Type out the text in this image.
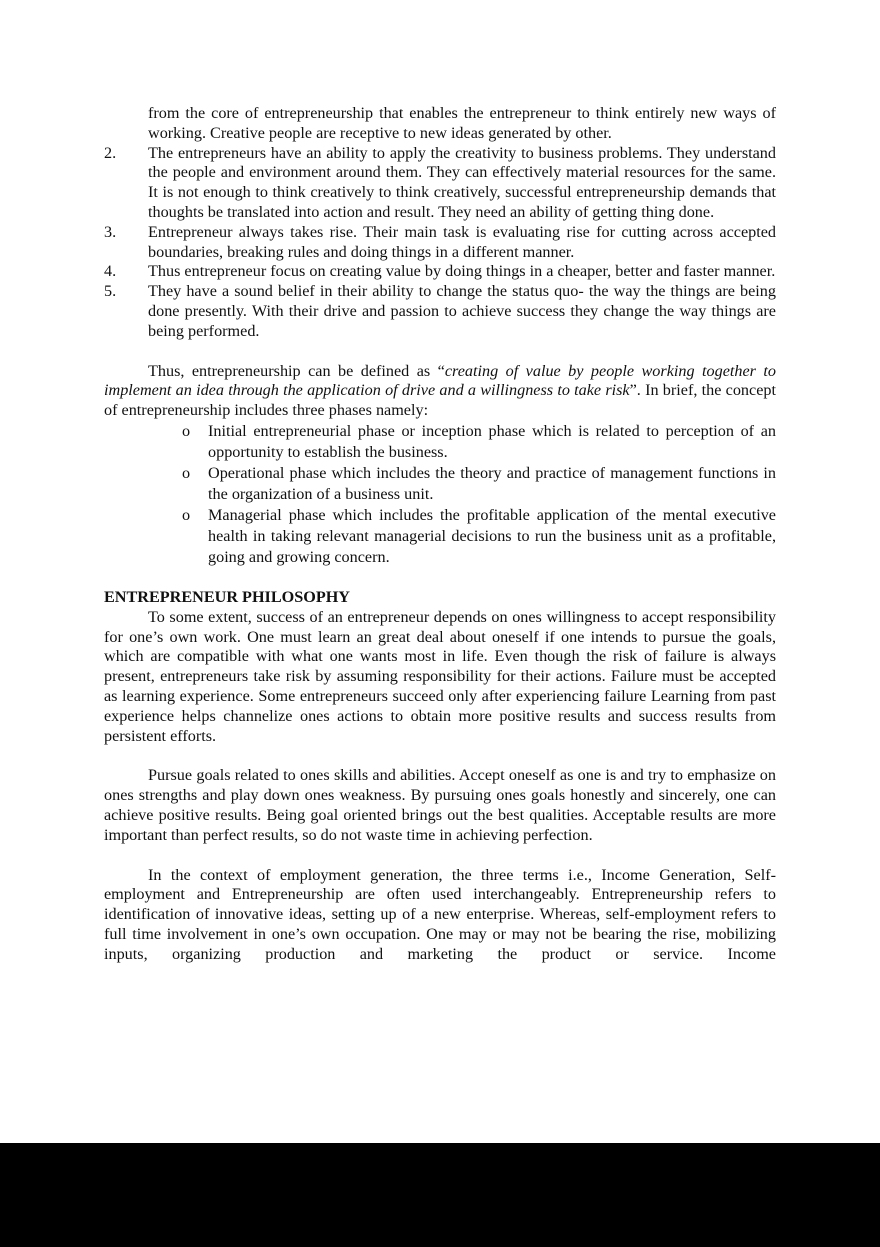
from the core of entrepreneurship that enables the entrepreneur to think entirely new ways of working. Creative people are receptive to new ideas generated by other.
2.	The entrepreneurs have an ability to apply the creativity to business problems. They understand the people and environment around them. They can effectively material resources for the same. It is not enough to think creatively to think creatively, successful entrepreneurship demands that thoughts be translated into action and result. They need an ability of getting thing done.
3.	Entrepreneur always takes rise. Their main task is evaluating rise for cutting across accepted boundaries, breaking rules and doing things in a different manner.
4.	Thus entrepreneur focus on creating value by doing things in a cheaper, better and faster manner.
5.	They have a sound belief in their ability to change the status quo- the way the things are being done presently. With their drive and passion to achieve success they change the way things are being performed.
Thus, entrepreneurship can be defined as “creating of value by people working together to implement an idea through the application of drive and a willingness to take risk”. In brief, the concept of entrepreneurship includes three phases namely:
o Initial entrepreneurial phase or inception phase which is related to perception of an opportunity to establish the business.
o Operational phase which includes the theory and practice of management functions in the organization of a business unit.
o Managerial phase which includes the profitable application of the mental executive health in taking relevant managerial decisions to run the business unit as a profitable, going and growing concern.
ENTREPRENEUR PHILOSOPHY
To some extent, success of an entrepreneur depends on ones willingness to accept responsibility for one’s own work. One must learn an great deal about oneself if one intends to pursue the goals, which are compatible with what one wants most in life. Even though the risk of failure is always present, entrepreneurs take risk by assuming responsibility for their actions. Failure must be accepted as learning experience. Some entrepreneurs succeed only after experiencing failure Learning from past experience helps channelize ones actions to obtain more positive results and success results from persistent efforts.
Pursue goals related to ones skills and abilities. Accept oneself as one is and try to emphasize on ones strengths and play down ones weakness. By pursuing ones goals honestly and sincerely, one can achieve positive results. Being goal oriented brings out the best qualities. Acceptable results are more important than perfect results, so do not waste time in achieving perfection.
In the context of employment generation, the three terms i.e., Income Generation, Self-employment and Entrepreneurship are often used interchangeably. Entrepreneurship refers to identification of innovative ideas, setting up of a new enterprise. Whereas, self-employment refers to full time involvement in one’s own occupation. One may or may not be bearing the rise, mobilizing inputs, organizing production and marketing the product or service. Income
